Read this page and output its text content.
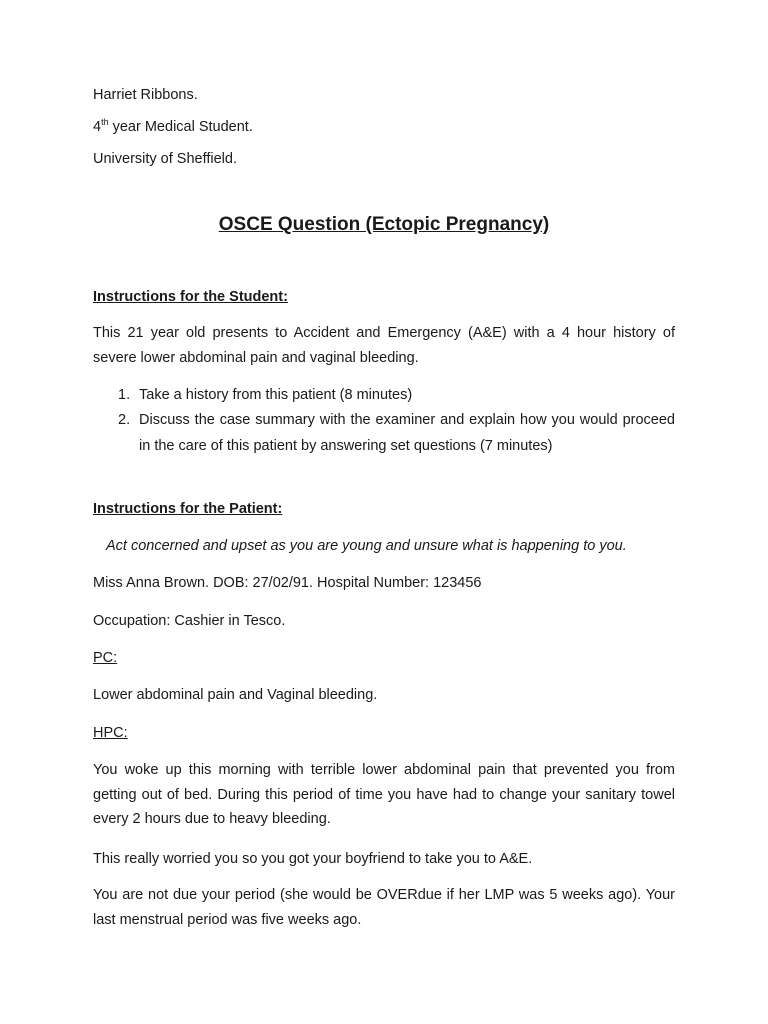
Harriet Ribbons.
4th year Medical Student.
University of Sheffield.
OSCE Question (Ectopic Pregnancy)
Instructions for the Student:
This 21 year old presents to Accident and Emergency (A&E) with a 4 hour history of severe lower abdominal pain and vaginal bleeding.
1. Take a history from this patient (8 minutes)
2. Discuss the case summary with the examiner and explain how you would proceed in the care of this patient by answering set questions (7 minutes)
Instructions for the Patient:
Act concerned and upset as you are young and unsure what is happening to you.
Miss Anna Brown. DOB: 27/02/91. Hospital Number: 123456
Occupation: Cashier in Tesco.
PC:
Lower abdominal pain and Vaginal bleeding.
HPC:
You woke up this morning with terrible lower abdominal pain that prevented you from getting out of bed. During this period of time you have had to change your sanitary towel every 2 hours due to heavy bleeding.
This really worried you so you got your boyfriend to take you to A&E.
You are not due your period (she would be OVERdue if her LMP was 5 weeks ago). Your last menstrual period was five weeks ago.
